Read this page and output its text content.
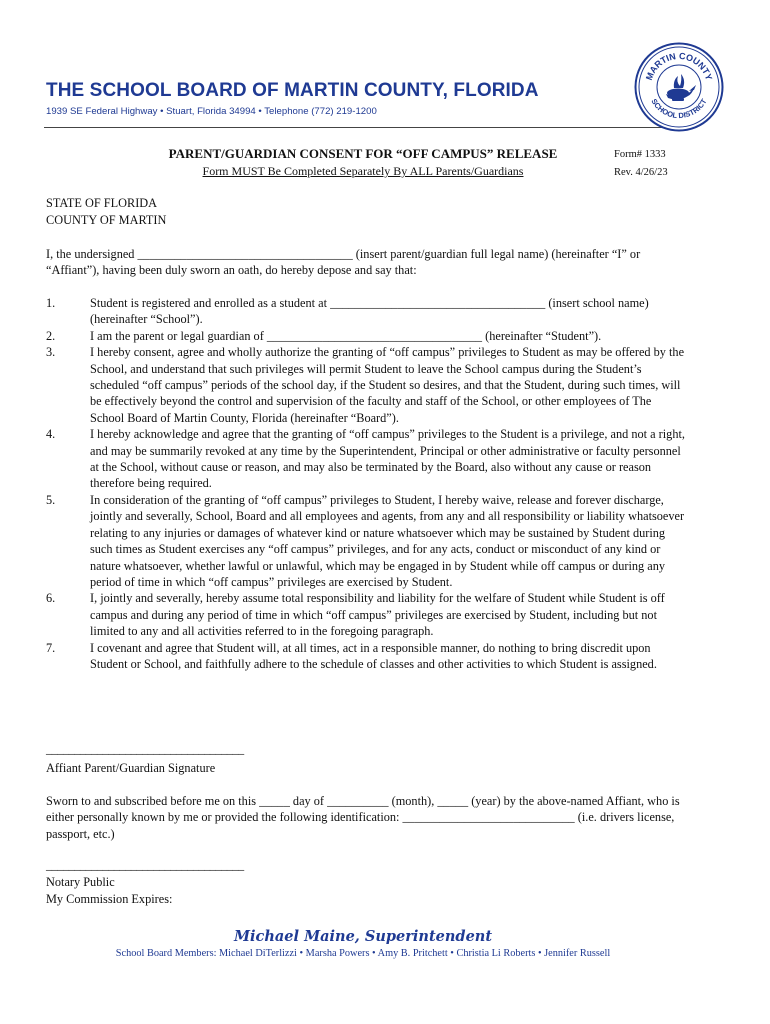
THE SCHOOL BOARD OF MARTIN COUNTY, FLORIDA
1939 SE Federal Highway • Stuart, Florida 34994 • Telephone (772) 219-1200
MARTIN COUNTY
SCHOOL DISTRICT
PARENT/GUARDIAN CONSENT FOR “OFF CAMPUS” RELEASE
Form MUST Be Completed Separately By ALL Parents/Guardians
Form# 1333
Rev. 4/26/23
STATE OF FLORIDA
COUNTY OF MARTIN
I, the undersigned ___________________________________ (insert parent/guardian full legal name) (hereinafter “I” or “Affiant”), having been duly sworn an oath, do hereby depose and say that:
1.	Student is registered and enrolled as a student at ___________________________________ (insert school name) (hereinafter “School”).
2.	I am the parent or legal guardian of ___________________________________ (hereinafter “Student”).
3.	I hereby consent, agree and wholly authorize the granting of “off campus” privileges to Student as may be offered by the School, and understand that such privileges will permit Student to leave the School campus during the Student’s scheduled “off campus” periods of the school day, if the Student so desires, and that the Student, during such times, will be effectively beyond the control and supervision of the faculty and staff of the School, or other employees of The School Board of Martin County, Florida (hereinafter “Board”).
4.	I hereby acknowledge and agree that the granting of “off campus” privileges to the Student is a privilege, and not a right, and may be summarily revoked at any time by the Superintendent, Principal or other administrative or faculty personnel at the School, without cause or reason, and may also be terminated by the Board, also without any cause or reason therefore being required.
5.	In consideration of the granting of “off campus” privileges to Student, I hereby waive, release and forever discharge, jointly and severally, School, Board and all employees and agents, from any and all responsibility or liability whatsoever relating to any injuries or damages of whatever kind or nature whatsoever which may be sustained by Student during such times as Student exercises any “off campus” privileges, and for any acts, conduct or misconduct of any kind or nature whatsoever, whether lawful or unlawful, which may be engaged in by Student while off campus or during any period of time in which “off campus” privileges are exercised by Student.
6.	I, jointly and severally, hereby assume total responsibility and liability for the welfare of Student while Student is off campus and during any period of time in which “off campus” privileges are exercised by Student, including but not limited to any and all activities referred to in the foregoing paragraph.
7.	I covenant and agree that Student will, at all times, act in a responsible manner, do nothing to bring discredit upon Student or School, and faithfully adhere to the schedule of classes and other activities to which Student is assigned.
___________________________________
Affiant Parent/Guardian Signature
Sworn to and subscribed before me on this _____ day of __________ (month), _____ (year) by the above-named Affiant, who is either personally known by me or provided the following identification: ____________________________ (i.e. drivers license, passport, etc.)
___________________________________
Notary Public
My Commission Expires:
Michael Maine, Superintendent
School Board Members: Michael DiTerlizzi • Marsha Powers • Amy B. Pritchett • Christia Li Roberts • Jennifer Russell
